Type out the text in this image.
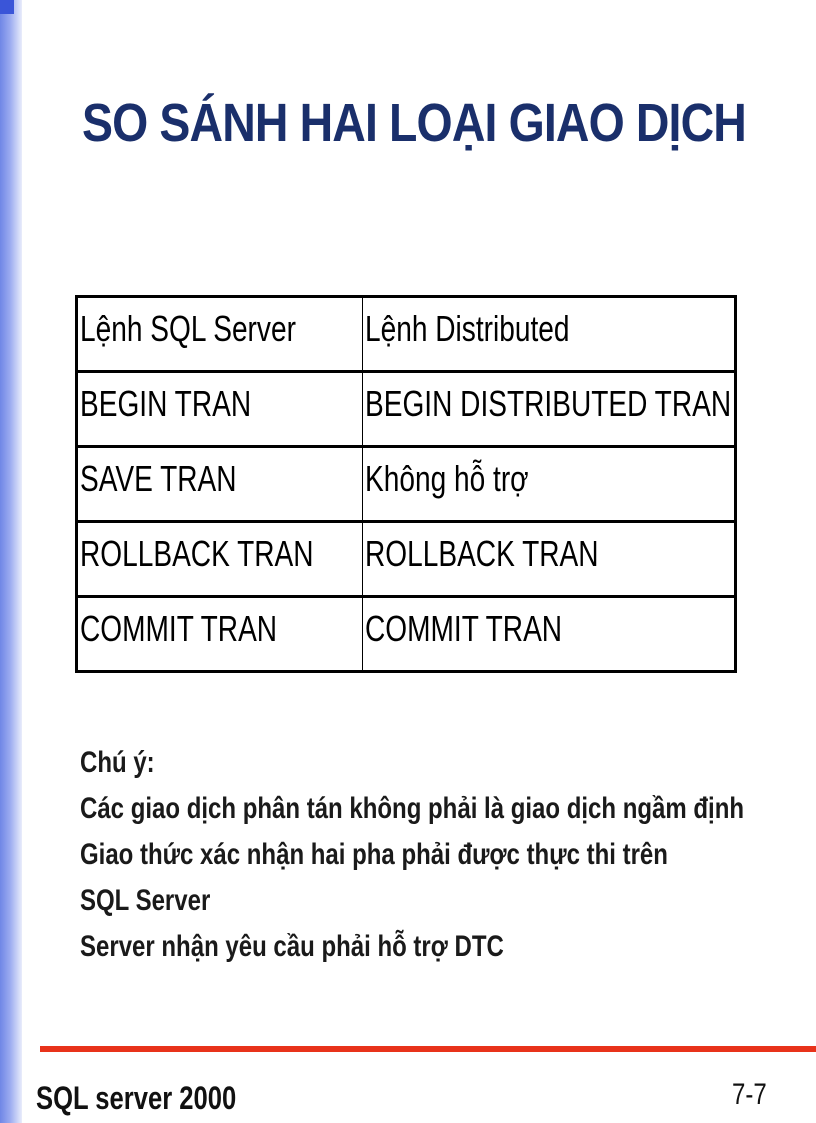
SO SÁNH HAI LOẠI GIAO DỊCH
Lệnh SQL Server	Lệnh Distributed
BEGIN TRAN	BEGIN DISTRIBUTED TRAN
SAVE TRAN	Không hỗ trợ
ROLLBACK TRAN	ROLLBACK TRAN
COMMIT TRAN	COMMIT TRAN
Chú ý:
Các giao dịch phân tán không phải là giao dịch ngầm định
Giao thức xác nhận hai pha phải được thực thi trên
SQL Server
Server nhận yêu cầu phải hỗ trợ DTC
SQL server 2000	7-7
